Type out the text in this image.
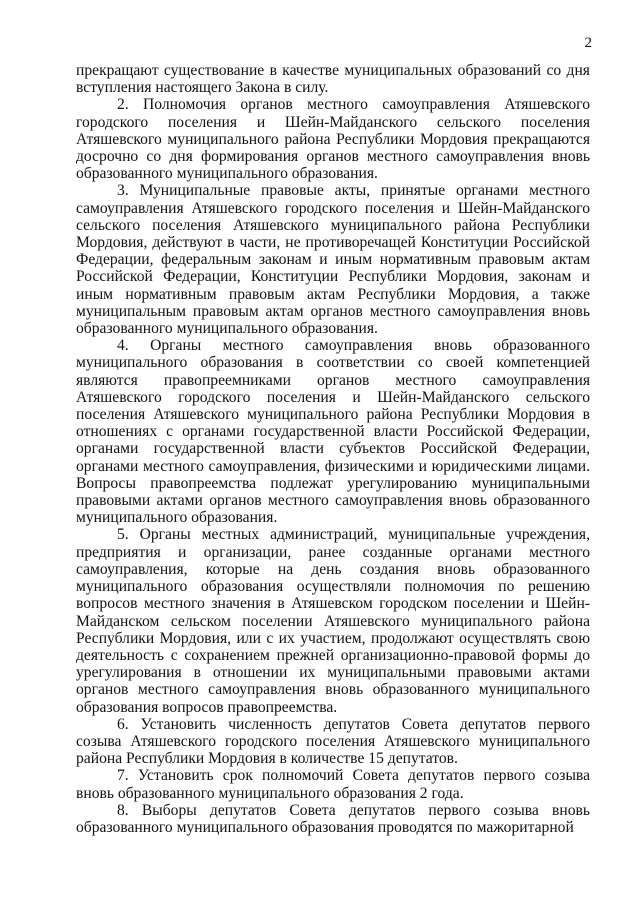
2

прекращают существование в качестве муниципальных образований со дня вступления настоящего Закона в силу.

2. Полномочия органов местного самоуправления Атяшевского городского поселения и Шейн-Майданского сельского поселения Атяшевского муниципального района Республики Мордовия прекращаются досрочно со дня формирования органов местного самоуправления вновь образованного муниципального образования.

3. Муниципальные правовые акты, принятые органами местного самоуправления Атяшевского городского поселения и Шейн-Майданского сельского поселения Атяшевского муниципального района Республики Мордовия, действуют в части, не противоречащей Конституции Российской Федерации, федеральным законам и иным нормативным правовым актам Российской Федерации, Конституции Республики Мордовия, законам и иным нормативным правовым актам Республики Мордовия, а также муниципальным правовым актам органов местного самоуправления вновь образованного муниципального образования.

4. Органы местного самоуправления вновь образованного муниципального образования в соответствии со своей компетенцией являются правопреемниками органов местного самоуправления Атяшевского городского поселения и Шейн-Майданского сельского поселения Атяшевского муниципального района Республики Мордовия в отношениях с органами государственной власти Российской Федерации, органами государственной власти субъектов Российской Федерации, органами местного самоуправления, физическими и юридическими лицами. Вопросы правопреемства подлежат урегулированию муниципальными правовыми актами органов местного самоуправления вновь образованного муниципального образования.

5. Органы местных администраций, муниципальные учреждения, предприятия и организации, ранее созданные органами местного самоуправления, которые на день создания вновь образованного муниципального образования осуществляли полномочия по решению вопросов местного значения в Атяшевском городском поселении и Шейн-Майданском сельском поселении Атяшевского муниципального района Республики Мордовия, или с их участием, продолжают осуществлять свою деятельность с сохранением прежней организационно-правовой формы до урегулирования в отношении их муниципальными правовыми актами органов местного самоуправления вновь образованного муниципального образования вопросов правопреемства.

6. Установить численность депутатов Совета депутатов первого созыва Атяшевского городского поселения Атяшевского муниципального района Республики Мордовия в количестве 15 депутатов.

7. Установить срок полномочий Совета депутатов первого созыва вновь образованного муниципального образования 2 года.

8. Выборы депутатов Совета депутатов первого созыва вновь образованного муниципального образования проводятся по мажоритарной
